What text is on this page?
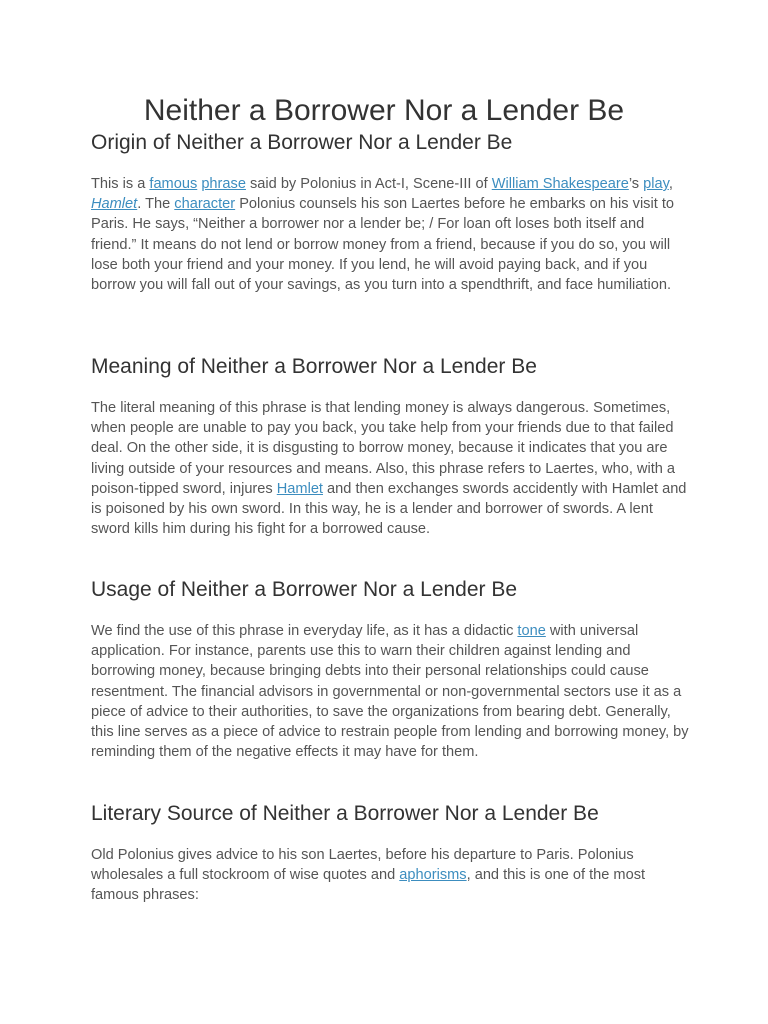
Neither a Borrower Nor a Lender Be
Origin of Neither a Borrower Nor a Lender Be

This is a famous phrase said by Polonius in Act-I, Scene-III of William Shakespeare’s play, Hamlet. The character Polonius counsels his son Laertes before he embarks on his visit to Paris. He says, “Neither a borrower nor a lender be; / For loan oft loses both itself and friend.” It means do not lend or borrow money from a friend, because if you do so, you will lose both your friend and your money. If you lend, he will avoid paying back, and if you borrow you will fall out of your savings, as you turn into a spendthrift, and face humiliation.

Meaning of Neither a Borrower Nor a Lender Be

The literal meaning of this phrase is that lending money is always dangerous. Sometimes, when people are unable to pay you back, you take help from your friends due to that failed deal. On the other side, it is disgusting to borrow money, because it indicates that you are living outside of your resources and means. Also, this phrase refers to Laertes, who, with a poison-tipped sword, injures Hamlet and then exchanges swords accidently with Hamlet and is poisoned by his own sword. In this way, he is a lender and borrower of swords. A lent sword kills him during his fight for a borrowed cause.

Usage of Neither a Borrower Nor a Lender Be

We find the use of this phrase in everyday life, as it has a didactic tone with universal application. For instance, parents use this to warn their children against lending and borrowing money, because bringing debts into their personal relationships could cause resentment. The financial advisors in governmental or non-governmental sectors use it as a piece of advice to their authorities, to save the organizations from bearing debt. Generally, this line serves as a piece of advice to restrain people from lending and borrowing money, by reminding them of the negative effects it may have for them.

Literary Source of Neither a Borrower Nor a Lender Be

Old Polonius gives advice to his son Laertes, before his departure to Paris. Polonius wholesales a full stockroom of wise quotes and aphorisms, and this is one of the most famous phrases:
